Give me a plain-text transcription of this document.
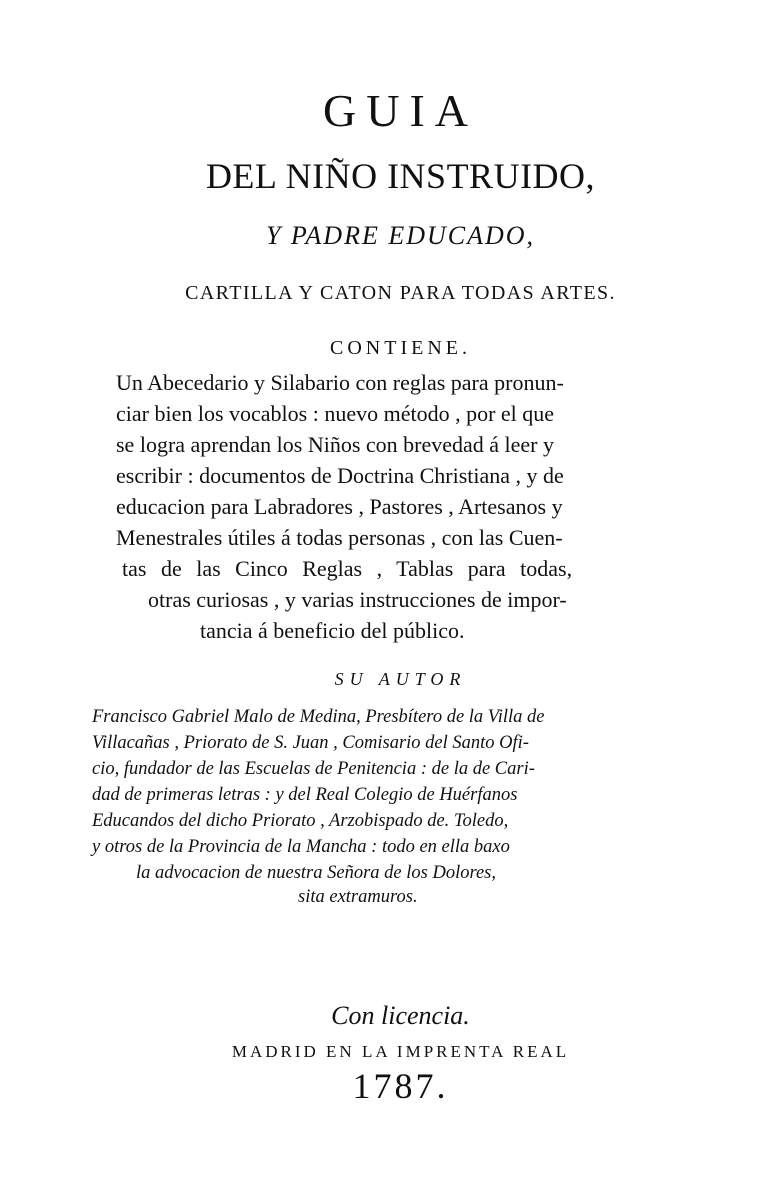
GUIA
DEL NIÑO INSTRUIDO,
Y PADRE EDUCADO,
CARTILLA Y CATON PARA TODAS ARTES.
CONTIENE.
Un Abecedario y Silabario con reglas para pronun-
ciar bien los vocablos : nuevo método , por el que
se logra aprendan los Niños con brevedad á leer y
escribir : documentos de Doctrina Christiana , y de
educacion para Labradores , Pastores , Artesanos y
Menestrales útiles á todas personas , con las Cuen-
tas de las Cinco Reglas , Tablas para todas,
otras curiosas , y varias instrucciones de impor-
tancia á beneficio del público.
SU AUTOR
Francisco Gabriel Malo de Medina, Presbítero de la Villa de
Villacañas , Priorato de S. Juan , Comisario del Santo Ofi-
cio, fundador de las Escuelas de Penitencia : de la de Cari-
dad de primeras letras : y del Real Colegio de Huérfanos
Educandos del dicho Priorato , Arzobispado de. Toledo,
y otros de la Provincia de la Mancha : todo en ella baxo
la advocacion de nuestra Señora de los Dolores,
sita extramuros.
Con licencia.
MADRID EN LA IMPRENTA REAL
1787.
